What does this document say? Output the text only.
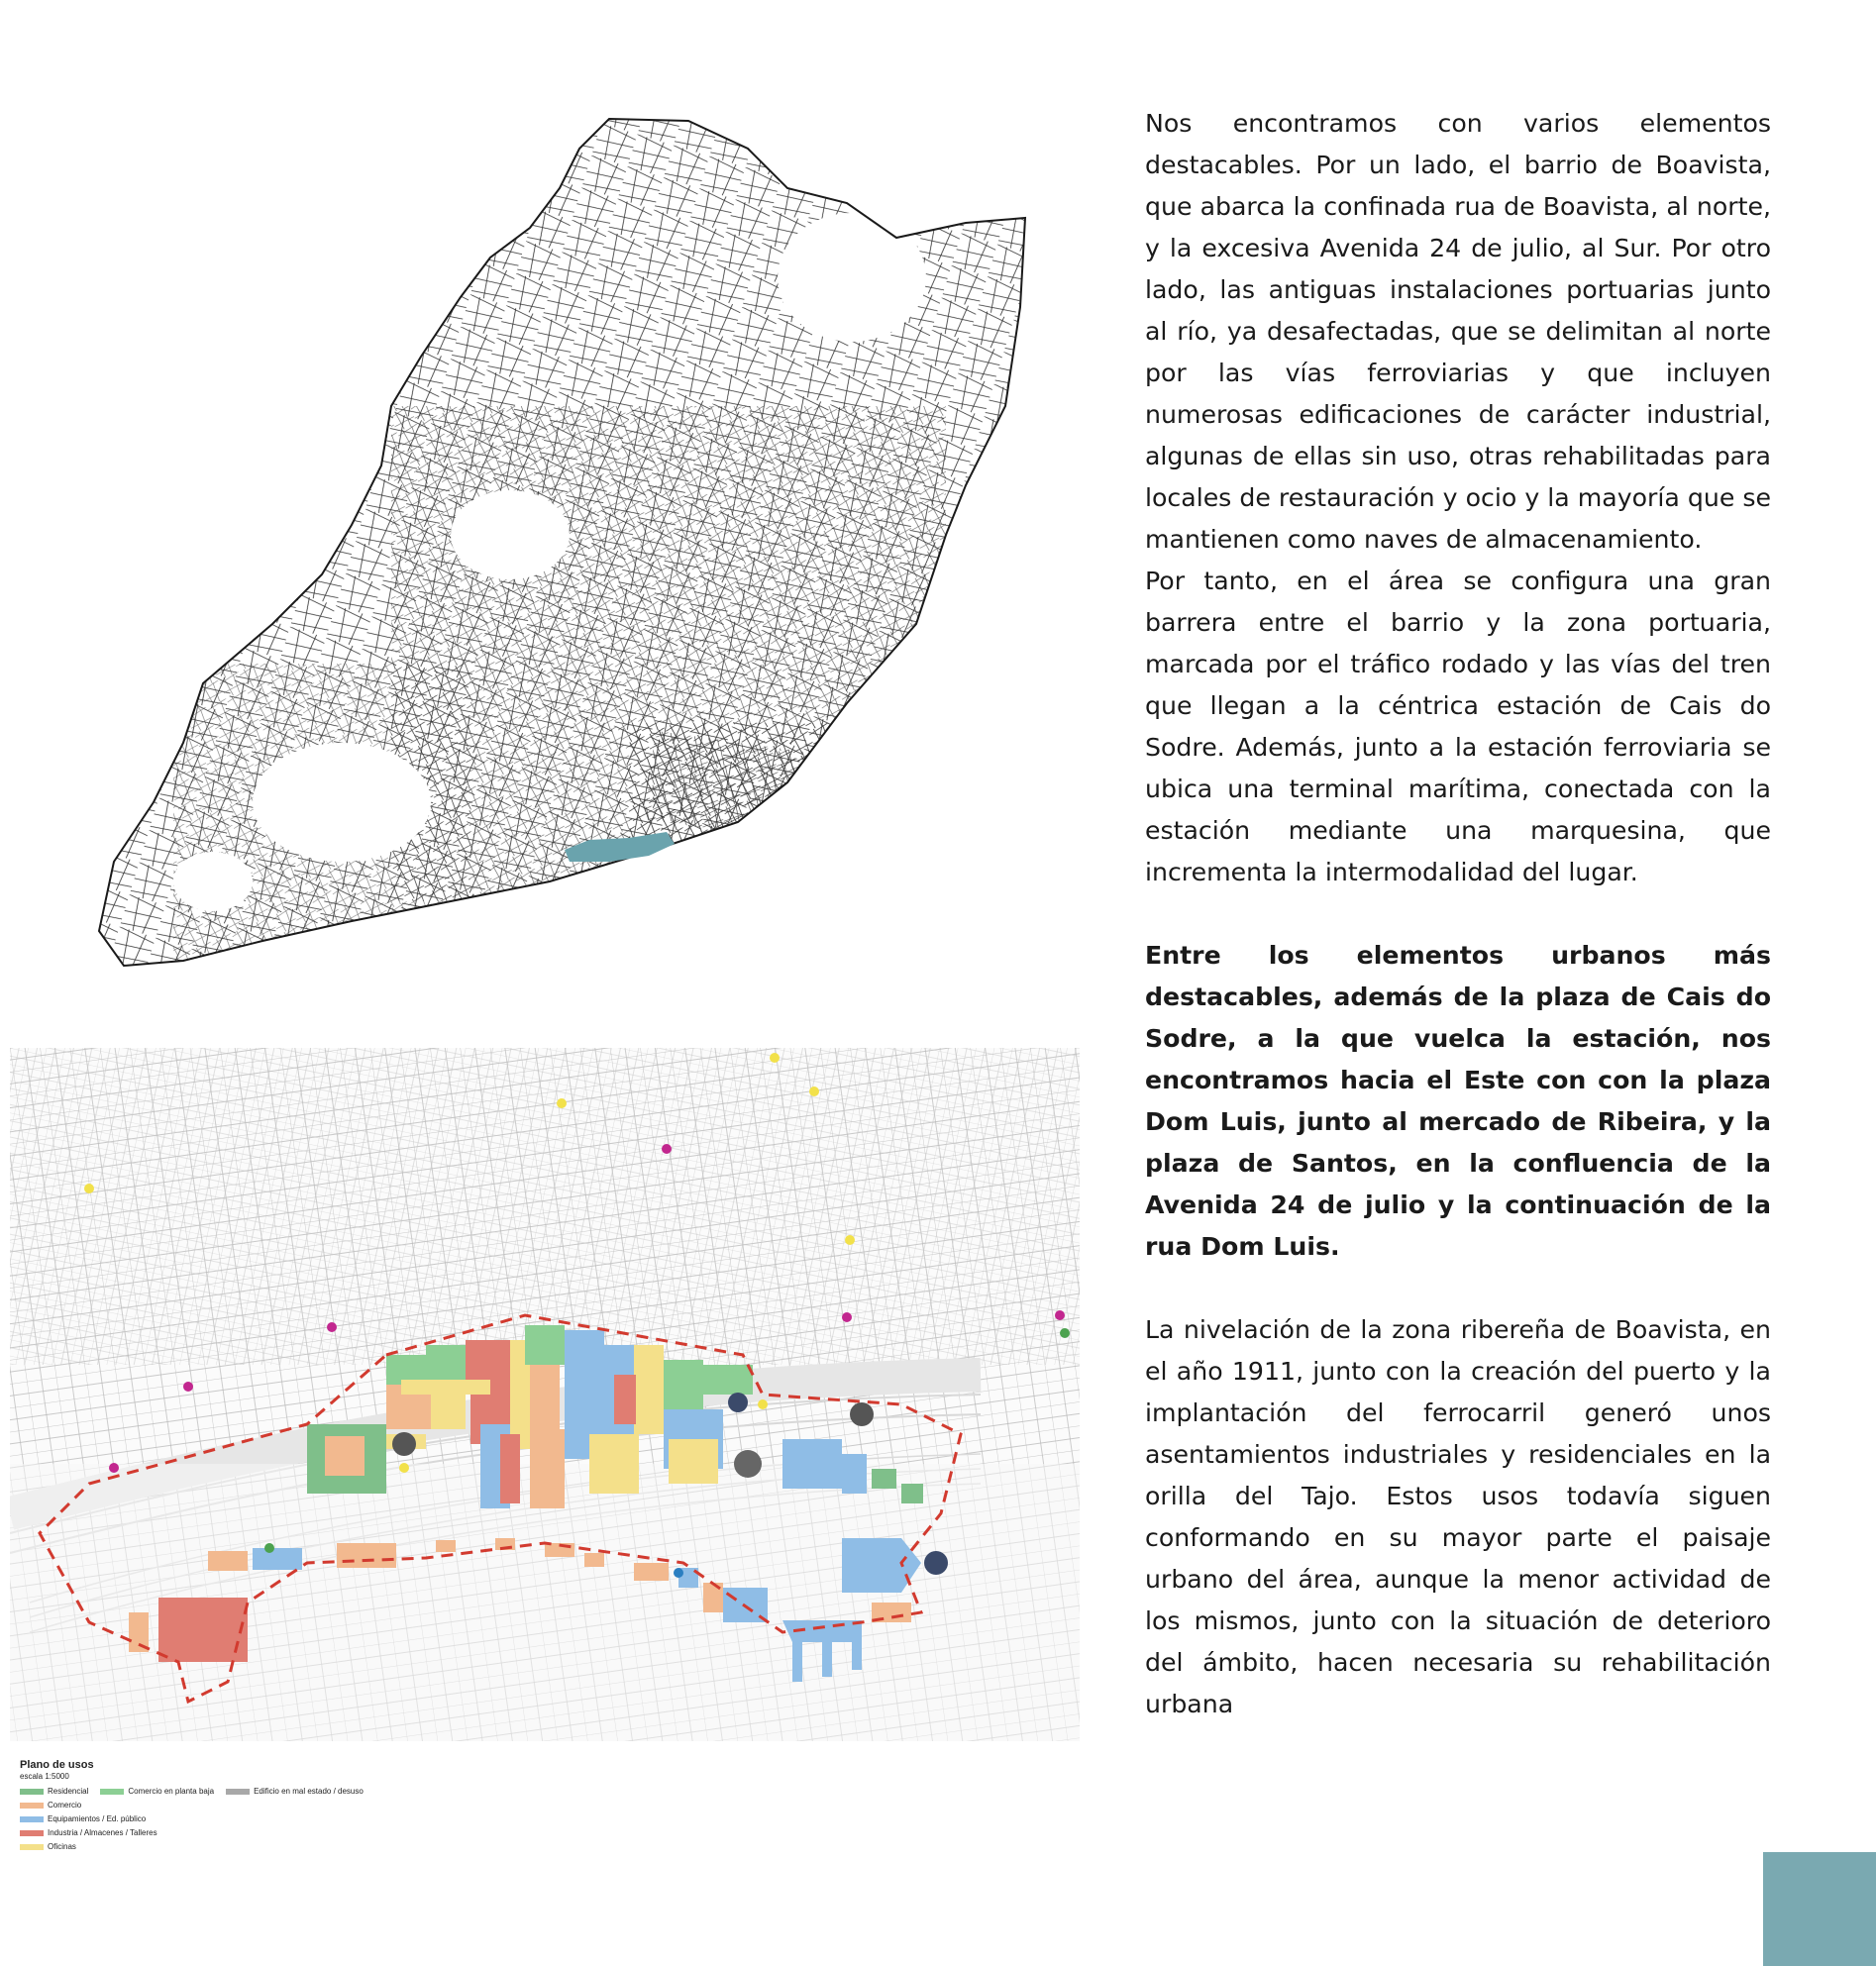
Plano de usos
escala 1:5000
Residencial	Comercio en planta baja	Edificio en mal estado / desuso
Comercio
Equipamientos / Ed. público
Industria / Almacenes / Talleres
Oficinas

Nos encontramos con varios elementos destacables. Por un lado, el barrio de Boavista, que abarca la confinada rua de Boavista, al norte, y la excesiva Avenida 24 de julio, al Sur. Por otro lado, las antiguas instalaciones portuarias junto al río, ya desafectadas, que se delimitan al norte por las vías ferroviarias y que incluyen numerosas edificaciones de carácter industrial, algunas de ellas sin uso, otras rehabilitadas para locales de restauración y ocio y la mayoría que se mantienen como naves de almacenamiento.

Por tanto, en el área se configura una gran barrera entre el barrio y la zona portuaria, marcada por el tráfico rodado y las vías del tren que llegan a la céntrica estación de Cais do Sodre. Además, junto a la estación ferroviaria se ubica una terminal marítima, conectada con la estación mediante una marquesina, que incrementa la intermodalidad del lugar.

Entre los elementos urbanos más destacables, además de la plaza de Cais do Sodre, a la que vuelca la estación, nos encontramos hacia el Este con con la plaza Dom Luis, junto al mercado de Ribeira, y la plaza de Santos, en la confluencia de la Avenida 24 de julio y la continuación de la rua Dom Luis.

La nivelación de la zona ribereña de Boavista, en el año 1911, junto con la creación del puerto y la implantación del ferrocarril generó unos asentamientos industriales y residenciales en la orilla del Tajo. Estos usos todavía siguen conformando en su mayor parte el paisaje urbano del área, aunque la menor actividad de los mismos, junto con la situación de deterioro del ámbito, hacen necesaria su rehabilitación urbana
